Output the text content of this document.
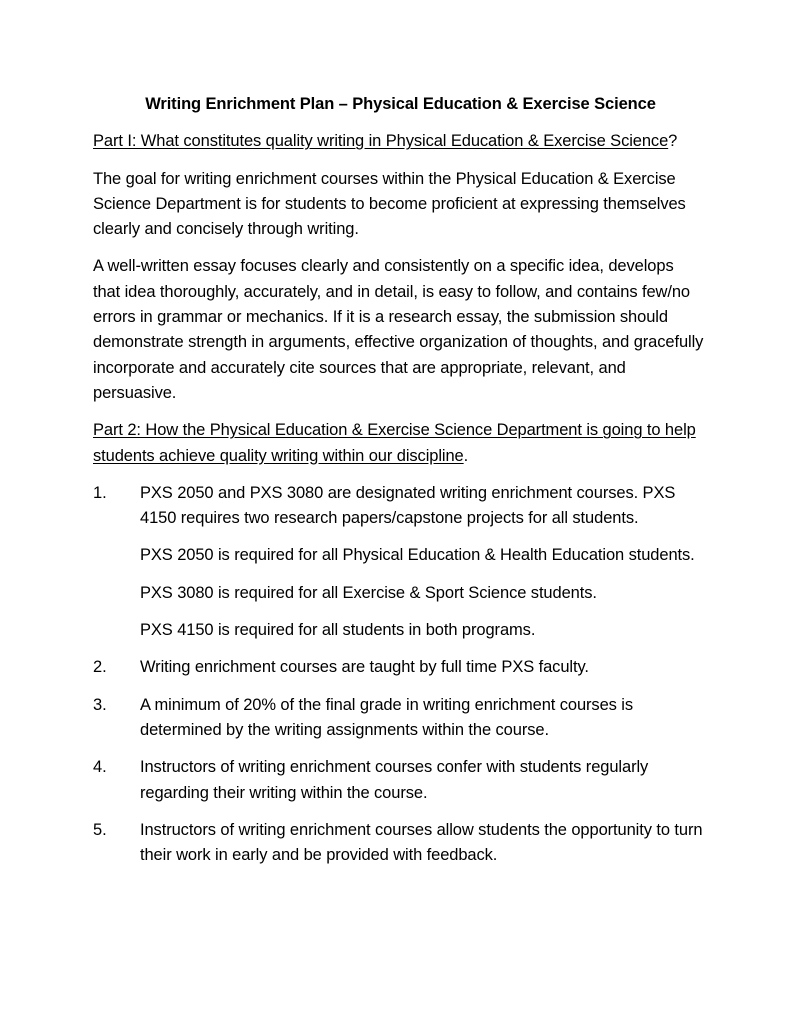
Writing Enrichment Plan – Physical Education & Exercise Science

Part I: What constitutes quality writing in Physical Education & Exercise Science?

The goal for writing enrichment courses within the Physical Education & Exercise Science Department is for students to become proficient at expressing themselves clearly and concisely through writing.

A well-written essay focuses clearly and consistently on a specific idea, develops that idea thoroughly, accurately, and in detail, is easy to follow, and contains few/no errors in grammar or mechanics. If it is a research essay, the submission should demonstrate strength in arguments, effective organization of thoughts, and gracefully incorporate and accurately cite sources that are appropriate, relevant, and persuasive.

Part 2: How the Physical Education & Exercise Science Department is going to help students achieve quality writing within our discipline.

1.	PXS 2050 and PXS 3080 are designated writing enrichment courses. PXS 4150 requires two research papers/capstone projects for all students.
PXS 2050 is required for all Physical Education & Health Education students.
PXS 3080 is required for all Exercise & Sport Science students.
PXS 4150 is required for all students in both programs.
2.	Writing enrichment courses are taught by full time PXS faculty.
3.	A minimum of 20% of the final grade in writing enrichment courses is determined by the writing assignments within the course.
4.	Instructors of writing enrichment courses confer with students regularly regarding their writing within the course.
5.	Instructors of writing enrichment courses allow students the opportunity to turn their work in early and be provided with feedback.
